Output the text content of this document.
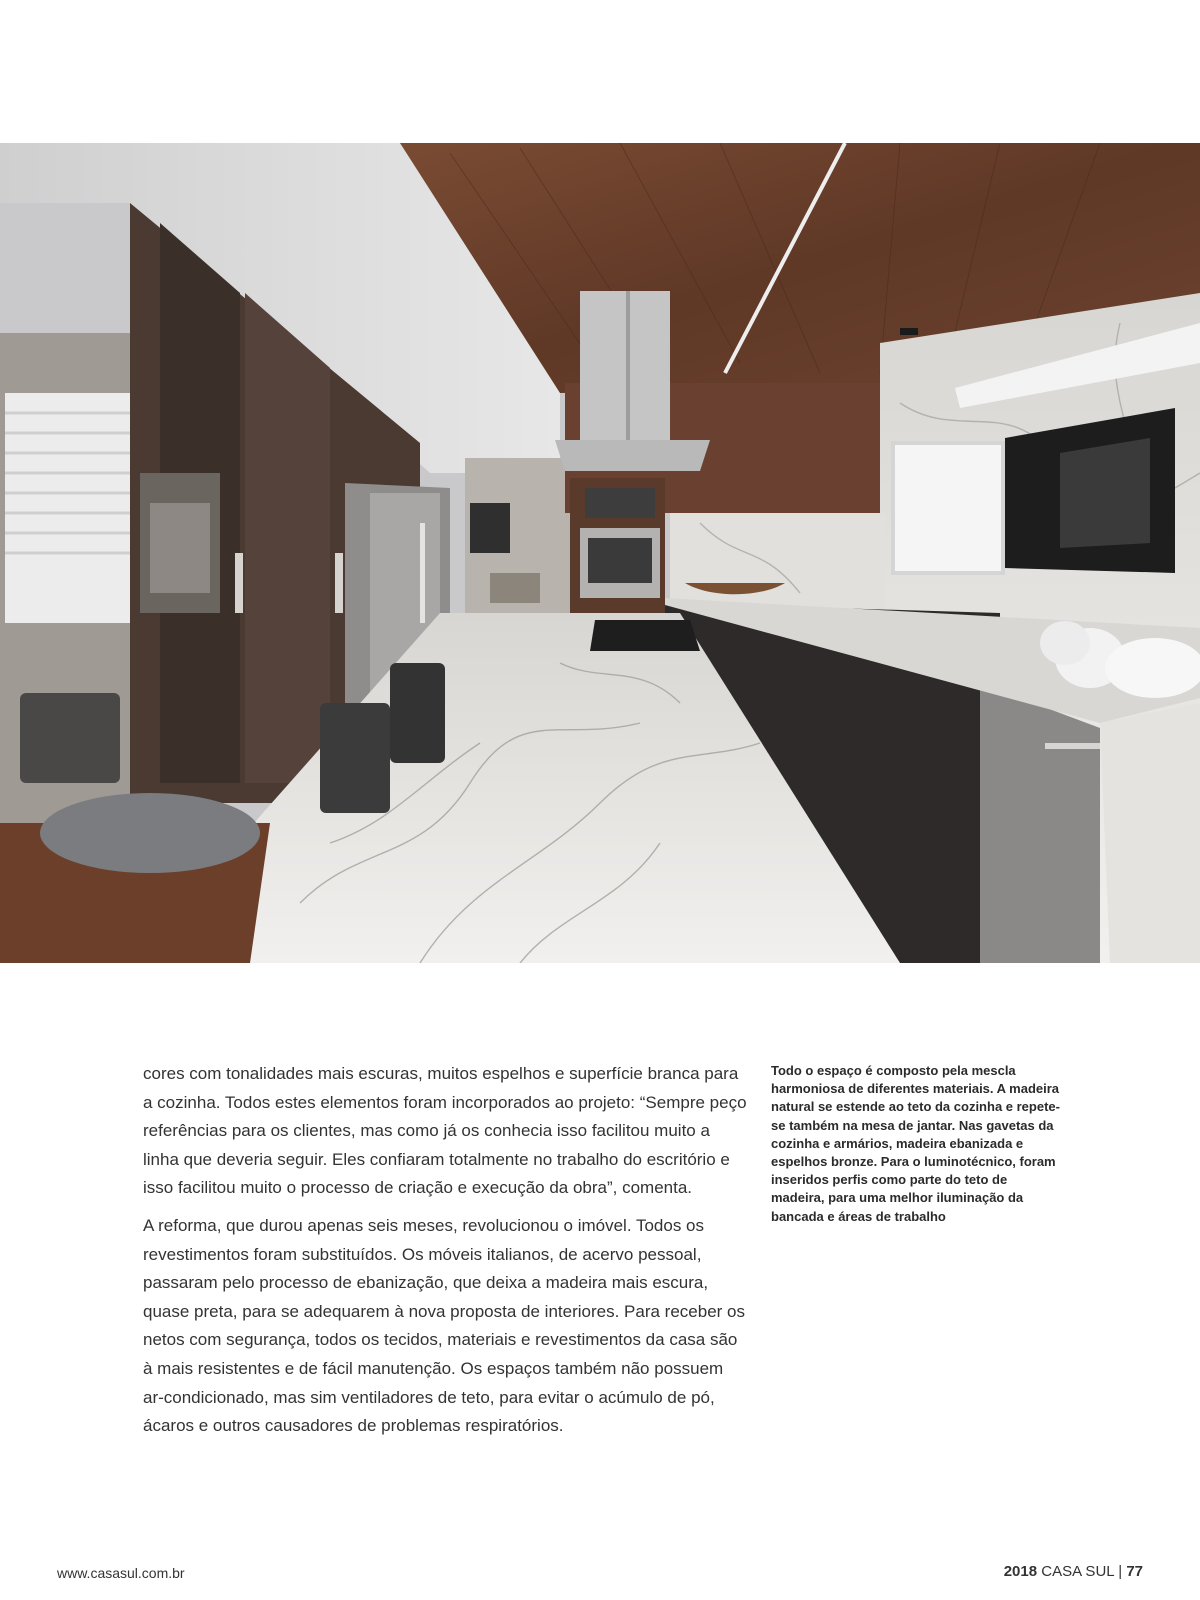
cores com tonalidades mais escuras, muitos espelhos e superfície branca para a cozinha. Todos estes elementos foram incorporados ao projeto: “Sempre peço referências para os clientes, mas como já os conhecia isso facilitou muito a linha que deveria seguir. Eles confiaram totalmente no trabalho do escritório e isso facilitou muito o processo de criação e execução da obra”, comenta.

A reforma, que durou apenas seis meses, revolucionou o imóvel. Todos os revestimentos foram substituídos. Os móveis italianos, de acervo pessoal, passaram pelo processo de ebanização, que deixa a madeira mais escura, quase preta, para se adequarem à nova proposta de interiores. Para receber os netos com segurança, todos os tecidos, materiais e revestimentos da casa são à mais resistentes e de fácil manutenção. Os espaços também não possuem ar-condicionado, mas sim ventiladores de teto, para evitar o acúmulo de pó, ácaros e outros causadores de problemas respiratórios.

Todo o espaço é composto pela mescla harmoniosa de diferentes materiais. A madeira natural se estende ao teto da cozinha e repete-se também na mesa de jantar. Nas gavetas da cozinha e armários, madeira ebanizada e espelhos bronze. Para o luminotécnico, foram inseridos perfis como parte do teto de madeira, para uma melhor iluminação da bancada e áreas de trabalho
www.casasul.com.br	2018 CASA SUL | 77
